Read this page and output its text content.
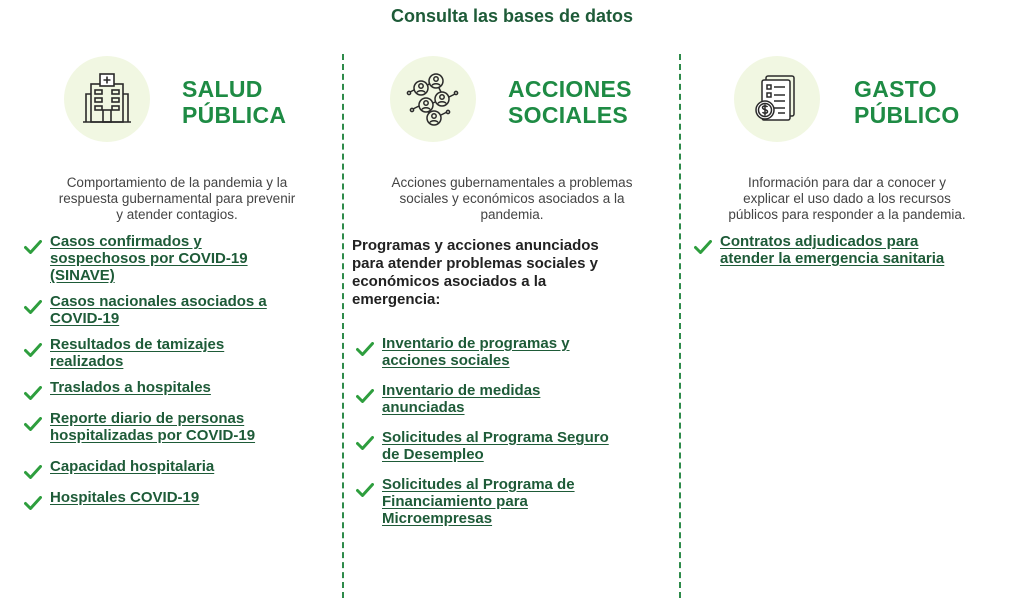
Consulta las bases de datos
SALUD
PÚBLICA

Comportamiento de la pandemia y la
respuesta gubernamental para prevenir
y atender contagios.

Casos confirmados y
sospechosos por COVID-19
(SINAVE)
Casos nacionales asociados a
COVID-19
Resultados de tamizajes
realizados
Traslados a hospitales
Reporte diario de personas
hospitalizadas por COVID-19
Capacidad hospitalaria
Hospitales COVID-19
ACCIONES
SOCIALES

Acciones gubernamentales a problemas
sociales y económicos asociados a la
pandemia.

Programas y acciones anunciados
para atender problemas sociales y
económicos asociados a la
emergencia:

Inventario de programas y
acciones sociales
Inventario de medidas
anunciadas
Solicitudes al Programa Seguro
de Desempleo
Solicitudes al Programa de
Financiamiento para
Microempresas
GASTO
PÚBLICO

Información para dar a conocer y
explicar el uso dado a los recursos
públicos para responder a la pandemia.

Contratos adjudicados para
atender la emergencia sanitaria
